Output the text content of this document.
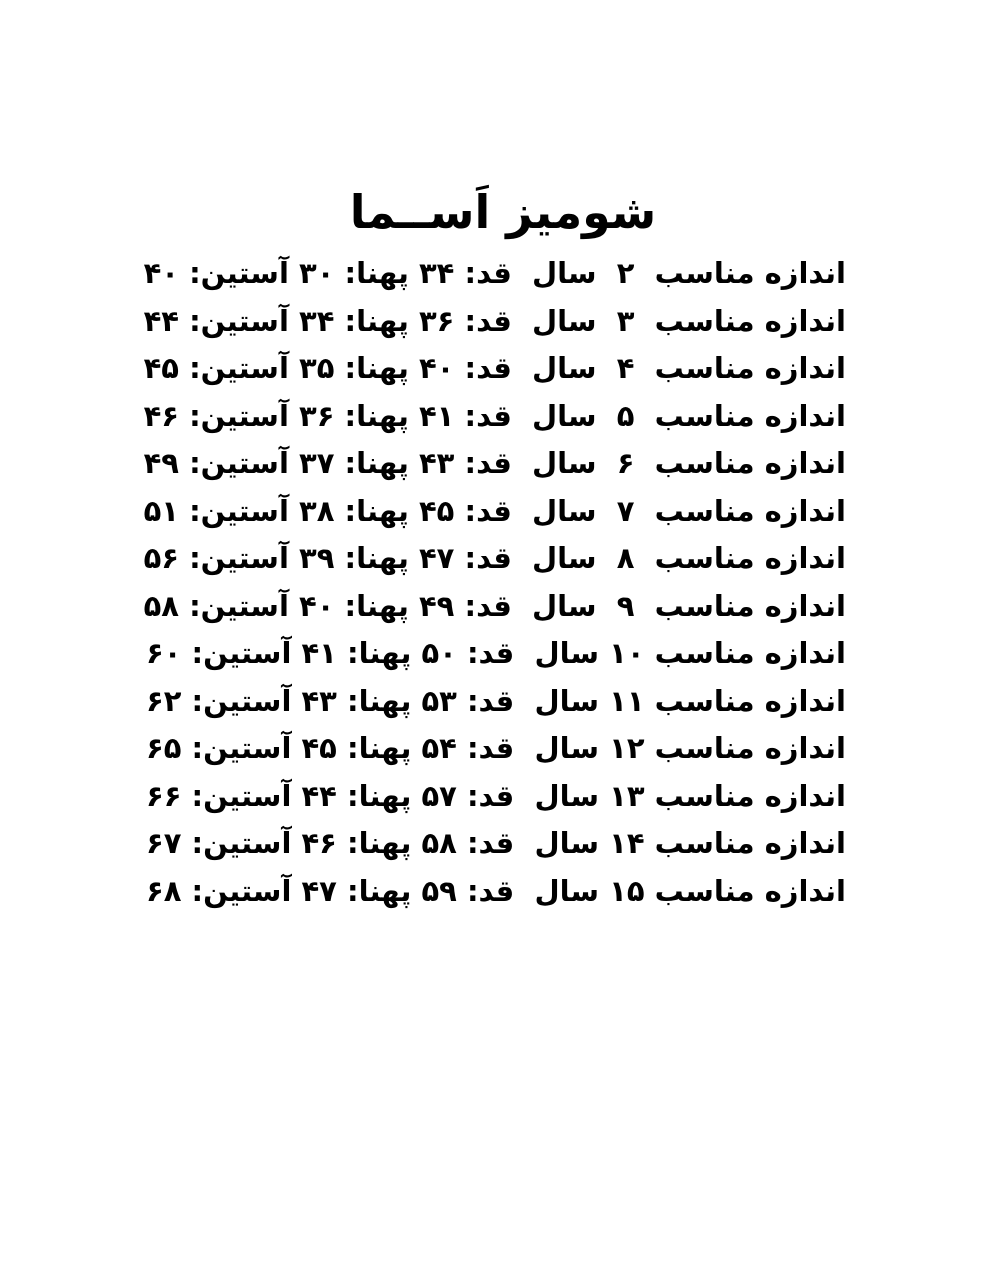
شومیز اَســما
اندازه مناسب  ۲  سال  قد: ۳۴ پهنا: ۳۰ آستین: ۴۰
اندازه مناسب  ۳  سال  قد: ۳۶ پهنا: ۳۴ آستین: ۴۴
اندازه مناسب  ۴  سال  قد: ۴۰ پهنا: ۳۵ آستین: ۴۵
اندازه مناسب  ۵  سال  قد: ۴۱ پهنا: ۳۶ آستین: ۴۶
اندازه مناسب  ۶  سال  قد: ۴۳ پهنا: ۳۷ آستین: ۴۹
اندازه مناسب  ۷  سال  قد: ۴۵ پهنا: ۳۸ آستین: ۵۱
اندازه مناسب  ۸  سال  قد: ۴۷ پهنا: ۳۹ آستین: ۵۶
اندازه مناسب  ۹  سال  قد: ۴۹ پهنا: ۴۰ آستین: ۵۸
اندازه مناسب ۱۰ سال  قد: ۵۰ پهنا: ۴۱ آستین: ۶۰
اندازه مناسب ۱۱ سال  قد: ۵۳ پهنا: ۴۳ آستین: ۶۲
اندازه مناسب ۱۲ سال  قد: ۵۴ پهنا: ۴۵ آستین: ۶۵
اندازه مناسب ۱۳ سال  قد: ۵۷ پهنا: ۴۴ آستین: ۶۶
اندازه مناسب ۱۴ سال  قد: ۵۸ پهنا: ۴۶ آستین: ۶۷
اندازه مناسب ۱۵ سال  قد: ۵۹ پهنا: ۴۷ آستین: ۶۸
